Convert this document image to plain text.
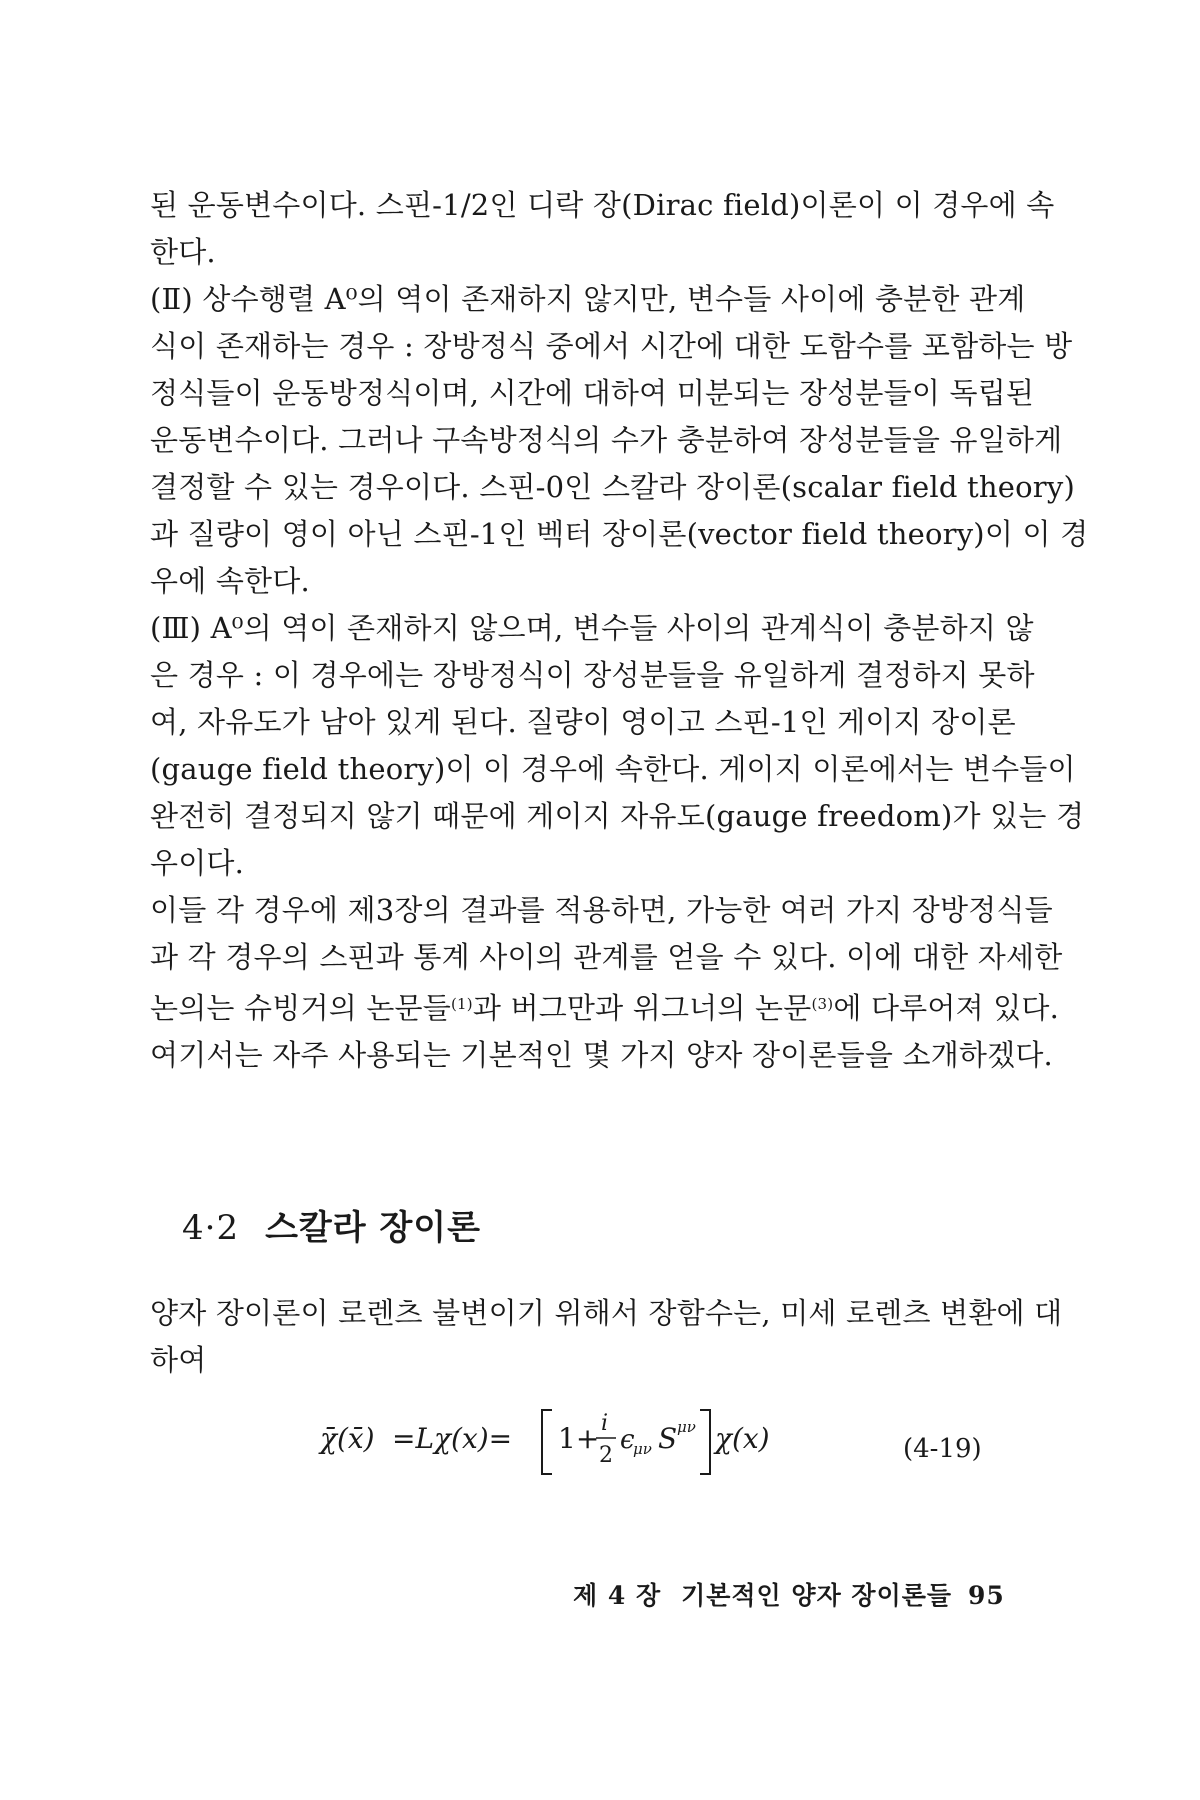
된 운동변수이다. 스핀-1/2인 디락 장(Dirac field)이론이 이 경우에 속
한다.
(Ⅱ) 상수행렬 A⁰의 역이 존재하지 않지만, 변수들 사이에 충분한 관계
식이 존재하는 경우 : 장방정식 중에서 시간에 대한 도함수를 포함하는 방
정식들이 운동방정식이며, 시간에 대하여 미분되는 장성분들이 독립된
운동변수이다. 그러나 구속방정식의 수가 충분하여 장성분들을 유일하게
결정할 수 있는 경우이다. 스핀-0인 스칼라 장이론(scalar field theory)
과 질량이 영이 아닌 스핀-1인 벡터 장이론(vector field theory)이 이 경
우에 속한다.
(Ⅲ) A⁰의 역이 존재하지 않으며, 변수들 사이의 관계식이 충분하지 않
은 경우 : 이 경우에는 장방정식이 장성분들을 유일하게 결정하지 못하
여, 자유도가 남아 있게 된다. 질량이 영이고 스핀-1인 게이지 장이론
(gauge field theory)이 이 경우에 속한다. 게이지 이론에서는 변수들이
완전히 결정되지 않기 때문에 게이지 자유도(gauge freedom)가 있는 경
우이다.
이들 각 경우에 제3장의 결과를 적용하면, 가능한 여러 가지 장방정식들
과 각 경우의 스핀과 통계 사이의 관계를 얻을 수 있다. 이에 대한 자세한
논의는 슈빙거의 논문들$^{(1)}$과 버그만과 위그너의 논문$^{(3)}$에 다루어져 있다.
여기서는 자주 사용되는 기본적인 몇 가지 양자 장이론들을 소개하겠다.
4·2 스칼라 장이론
양자 장이론이 로렌츠 불변이기 위해서 장함수는, 미세 로렌츠 변환에 대
하여
χ̄(x̄) =Lχ(x)= 1+ i
2
ϵ
μν S μν χ(x)	(4-19)
제 4 장 기본적인 양자 장이론들 95
